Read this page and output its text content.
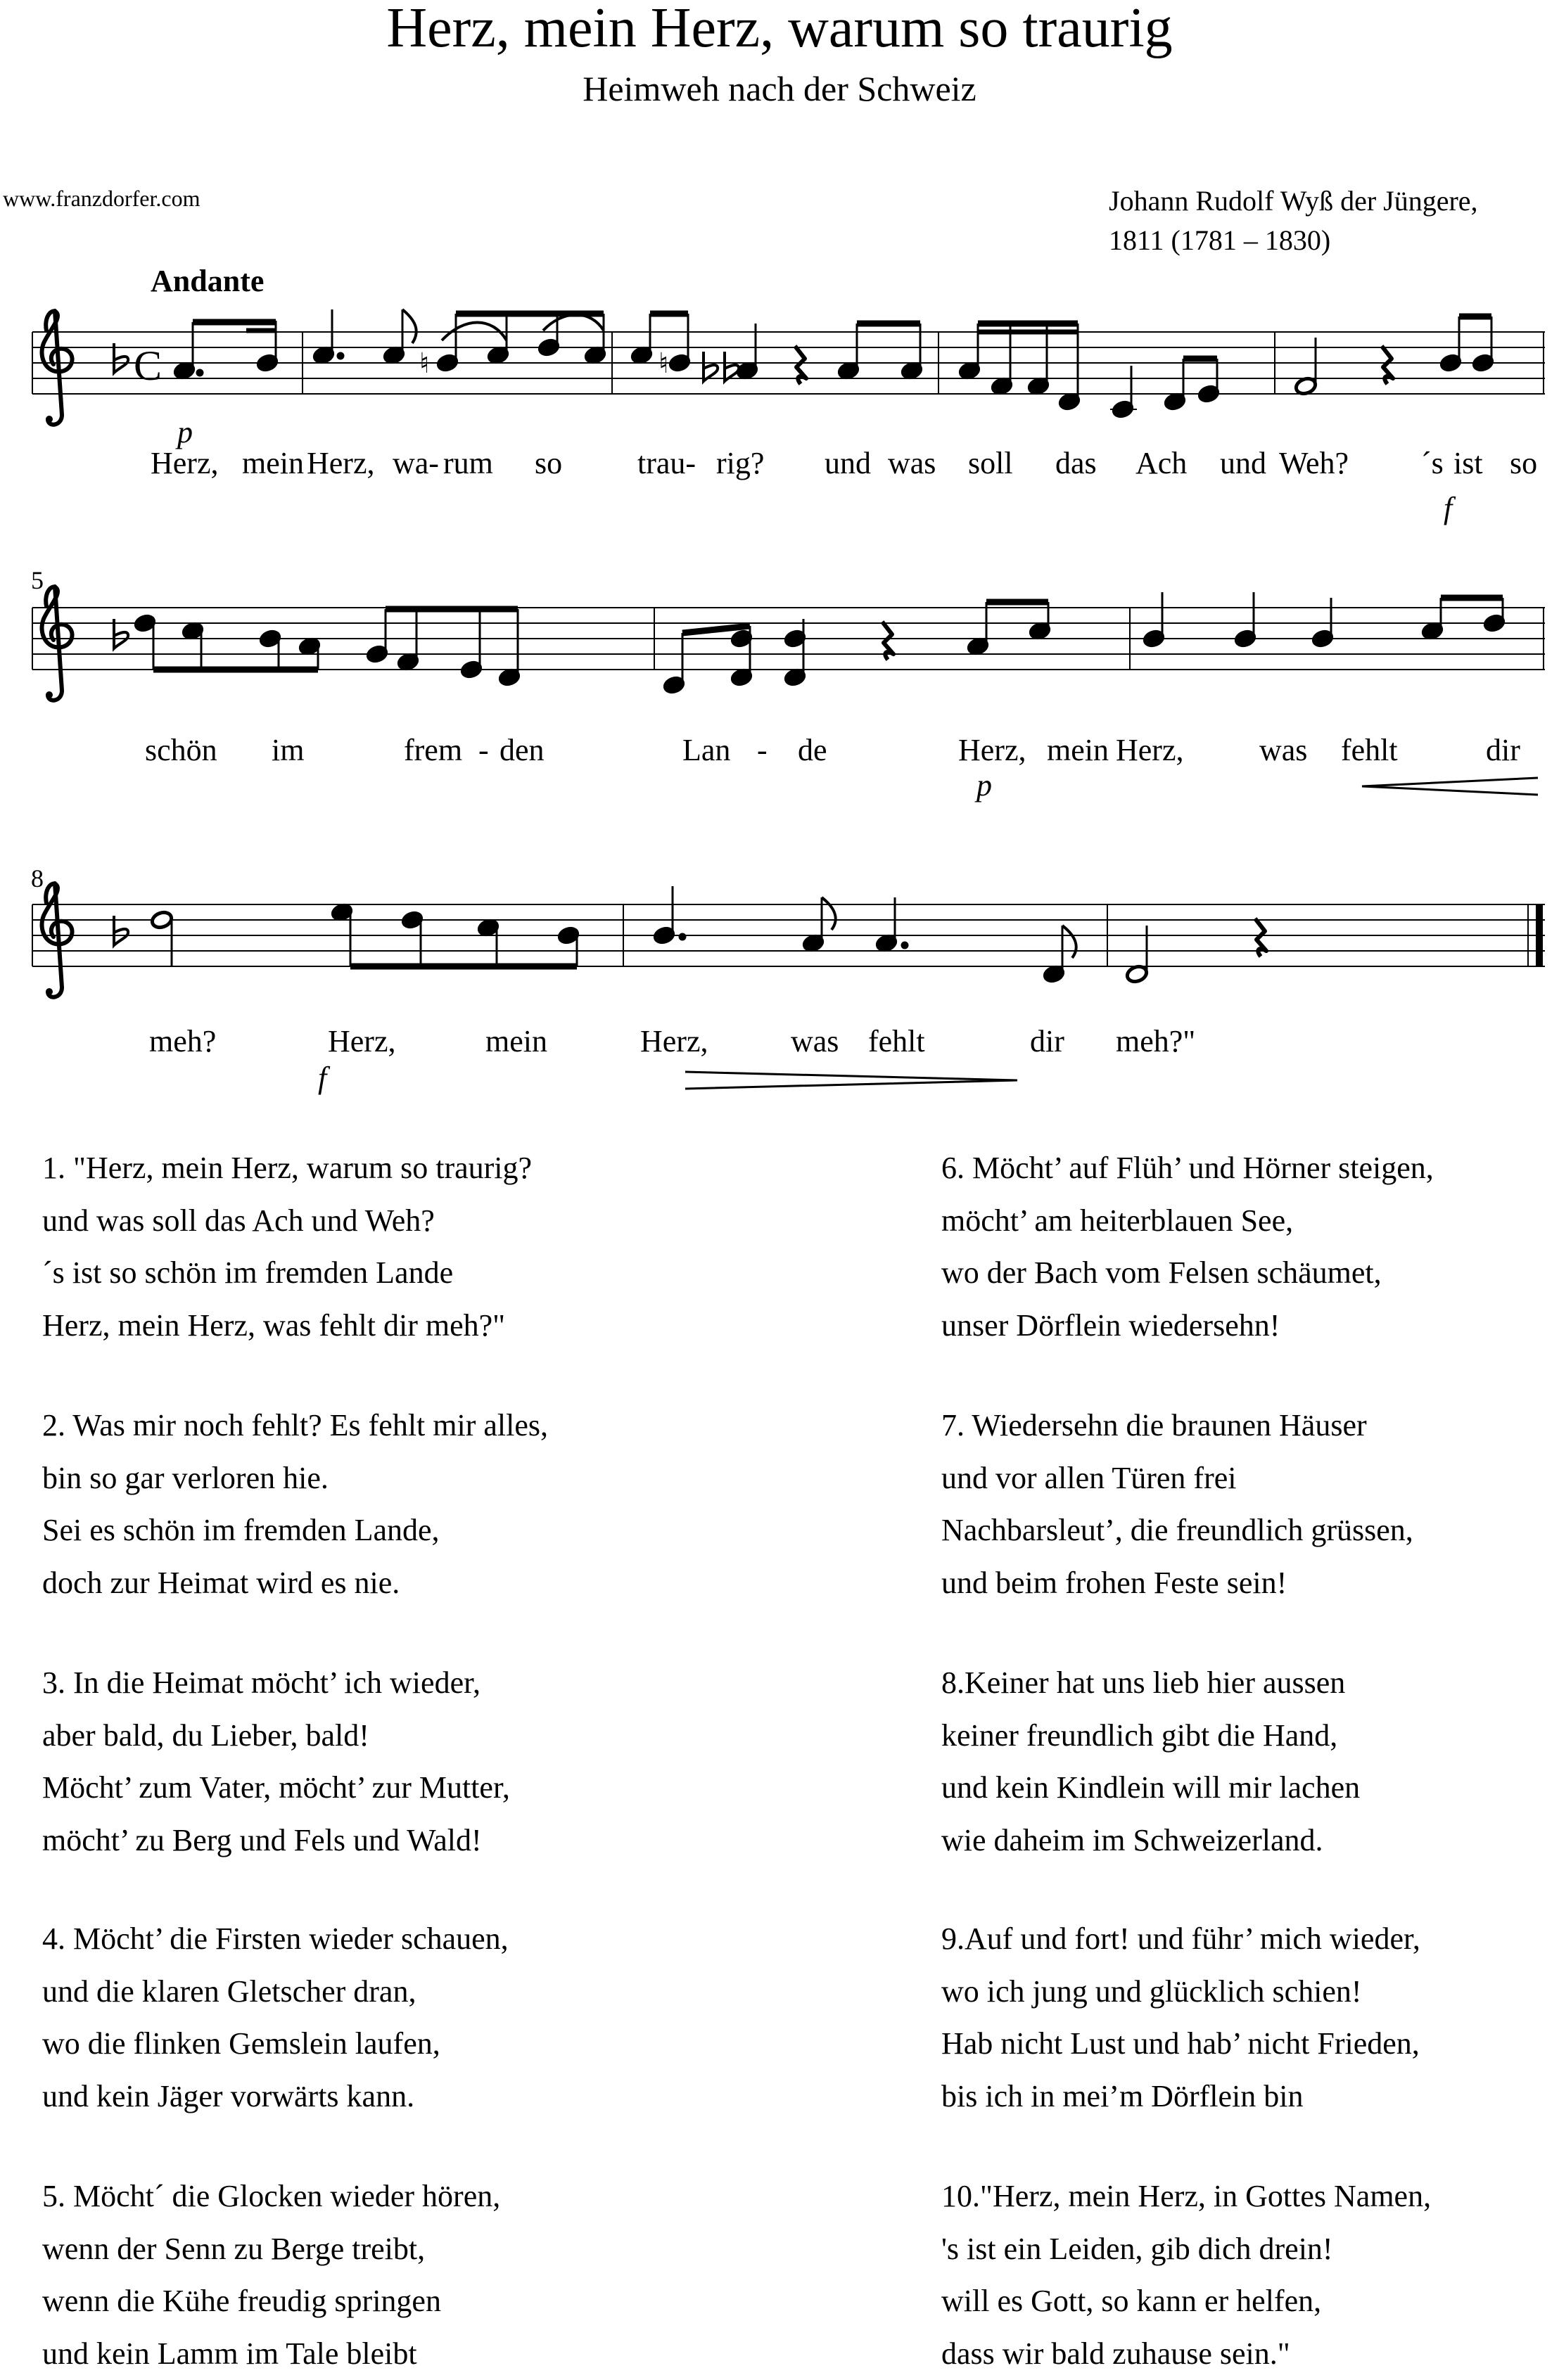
Herz, mein Herz, warum so traurig
Heimweh nach der Schweiz
www.franzdorfer.com	Johann Rudolf Wyß der Jüngere,
1811 (1781 – 1830)
Andante
C	♮	♮
5
8
p
f
p
f
Herz, mein Herz, wa- rum so trau- rig? und was soll das Ach und Weh? ´s ist so
schön im	frem - den	Lan - de	Herz, mein Herz, was fehlt	dir
meh?	Herz,	mein	Herz,	was fehlt	dir meh?"
1. "Herz, mein Herz, warum so traurig?
und was soll das Ach und Weh?
´s ist so schön im fremden Lande
Herz, mein Herz, was fehlt dir meh?"
2. Was mir noch fehlt? Es fehlt mir alles,
bin so gar verloren hie.
Sei es schön im fremden Lande,
doch zur Heimat wird es nie.
3. In die Heimat möcht’ ich wieder,
aber bald, du Lieber, bald!
Möcht’ zum Vater, möcht’ zur Mutter,
möcht’ zu Berg und Fels und Wald!
4. Möcht’ die Firsten wieder schauen,
und die klaren Gletscher dran,
wo die flinken Gemslein laufen,
und kein Jäger vorwärts kann.
5. Möcht´ die Glocken wieder hören,
wenn der Senn zu Berge treibt,
wenn die Kühe freudig springen
und kein Lamm im Tale bleibt
6. Möcht’ auf Flüh’ und Hörner steigen,
möcht’ am heiterblauen See,
wo der Bach vom Felsen schäumet,
unser Dörflein wiedersehn!
7. Wiedersehn die braunen Häuser
und vor allen Türen frei
Nachbarsleut’, die freundlich grüssen,
und beim frohen Feste sein!
8.Keiner hat uns lieb hier aussen
keiner freundlich gibt die Hand,
und kein Kindlein will mir lachen
wie daheim im Schweizerland.
9.Auf und fort! und führ’ mich wieder,
wo ich jung und glücklich schien!
Hab nicht Lust und hab’ nicht Frieden,
bis ich in mei’m Dörflein bin
10."Herz, mein Herz, in Gottes Namen,
's ist ein Leiden, gib dich drein!
will es Gott, so kann er helfen,
dass wir bald zuhause sein."
